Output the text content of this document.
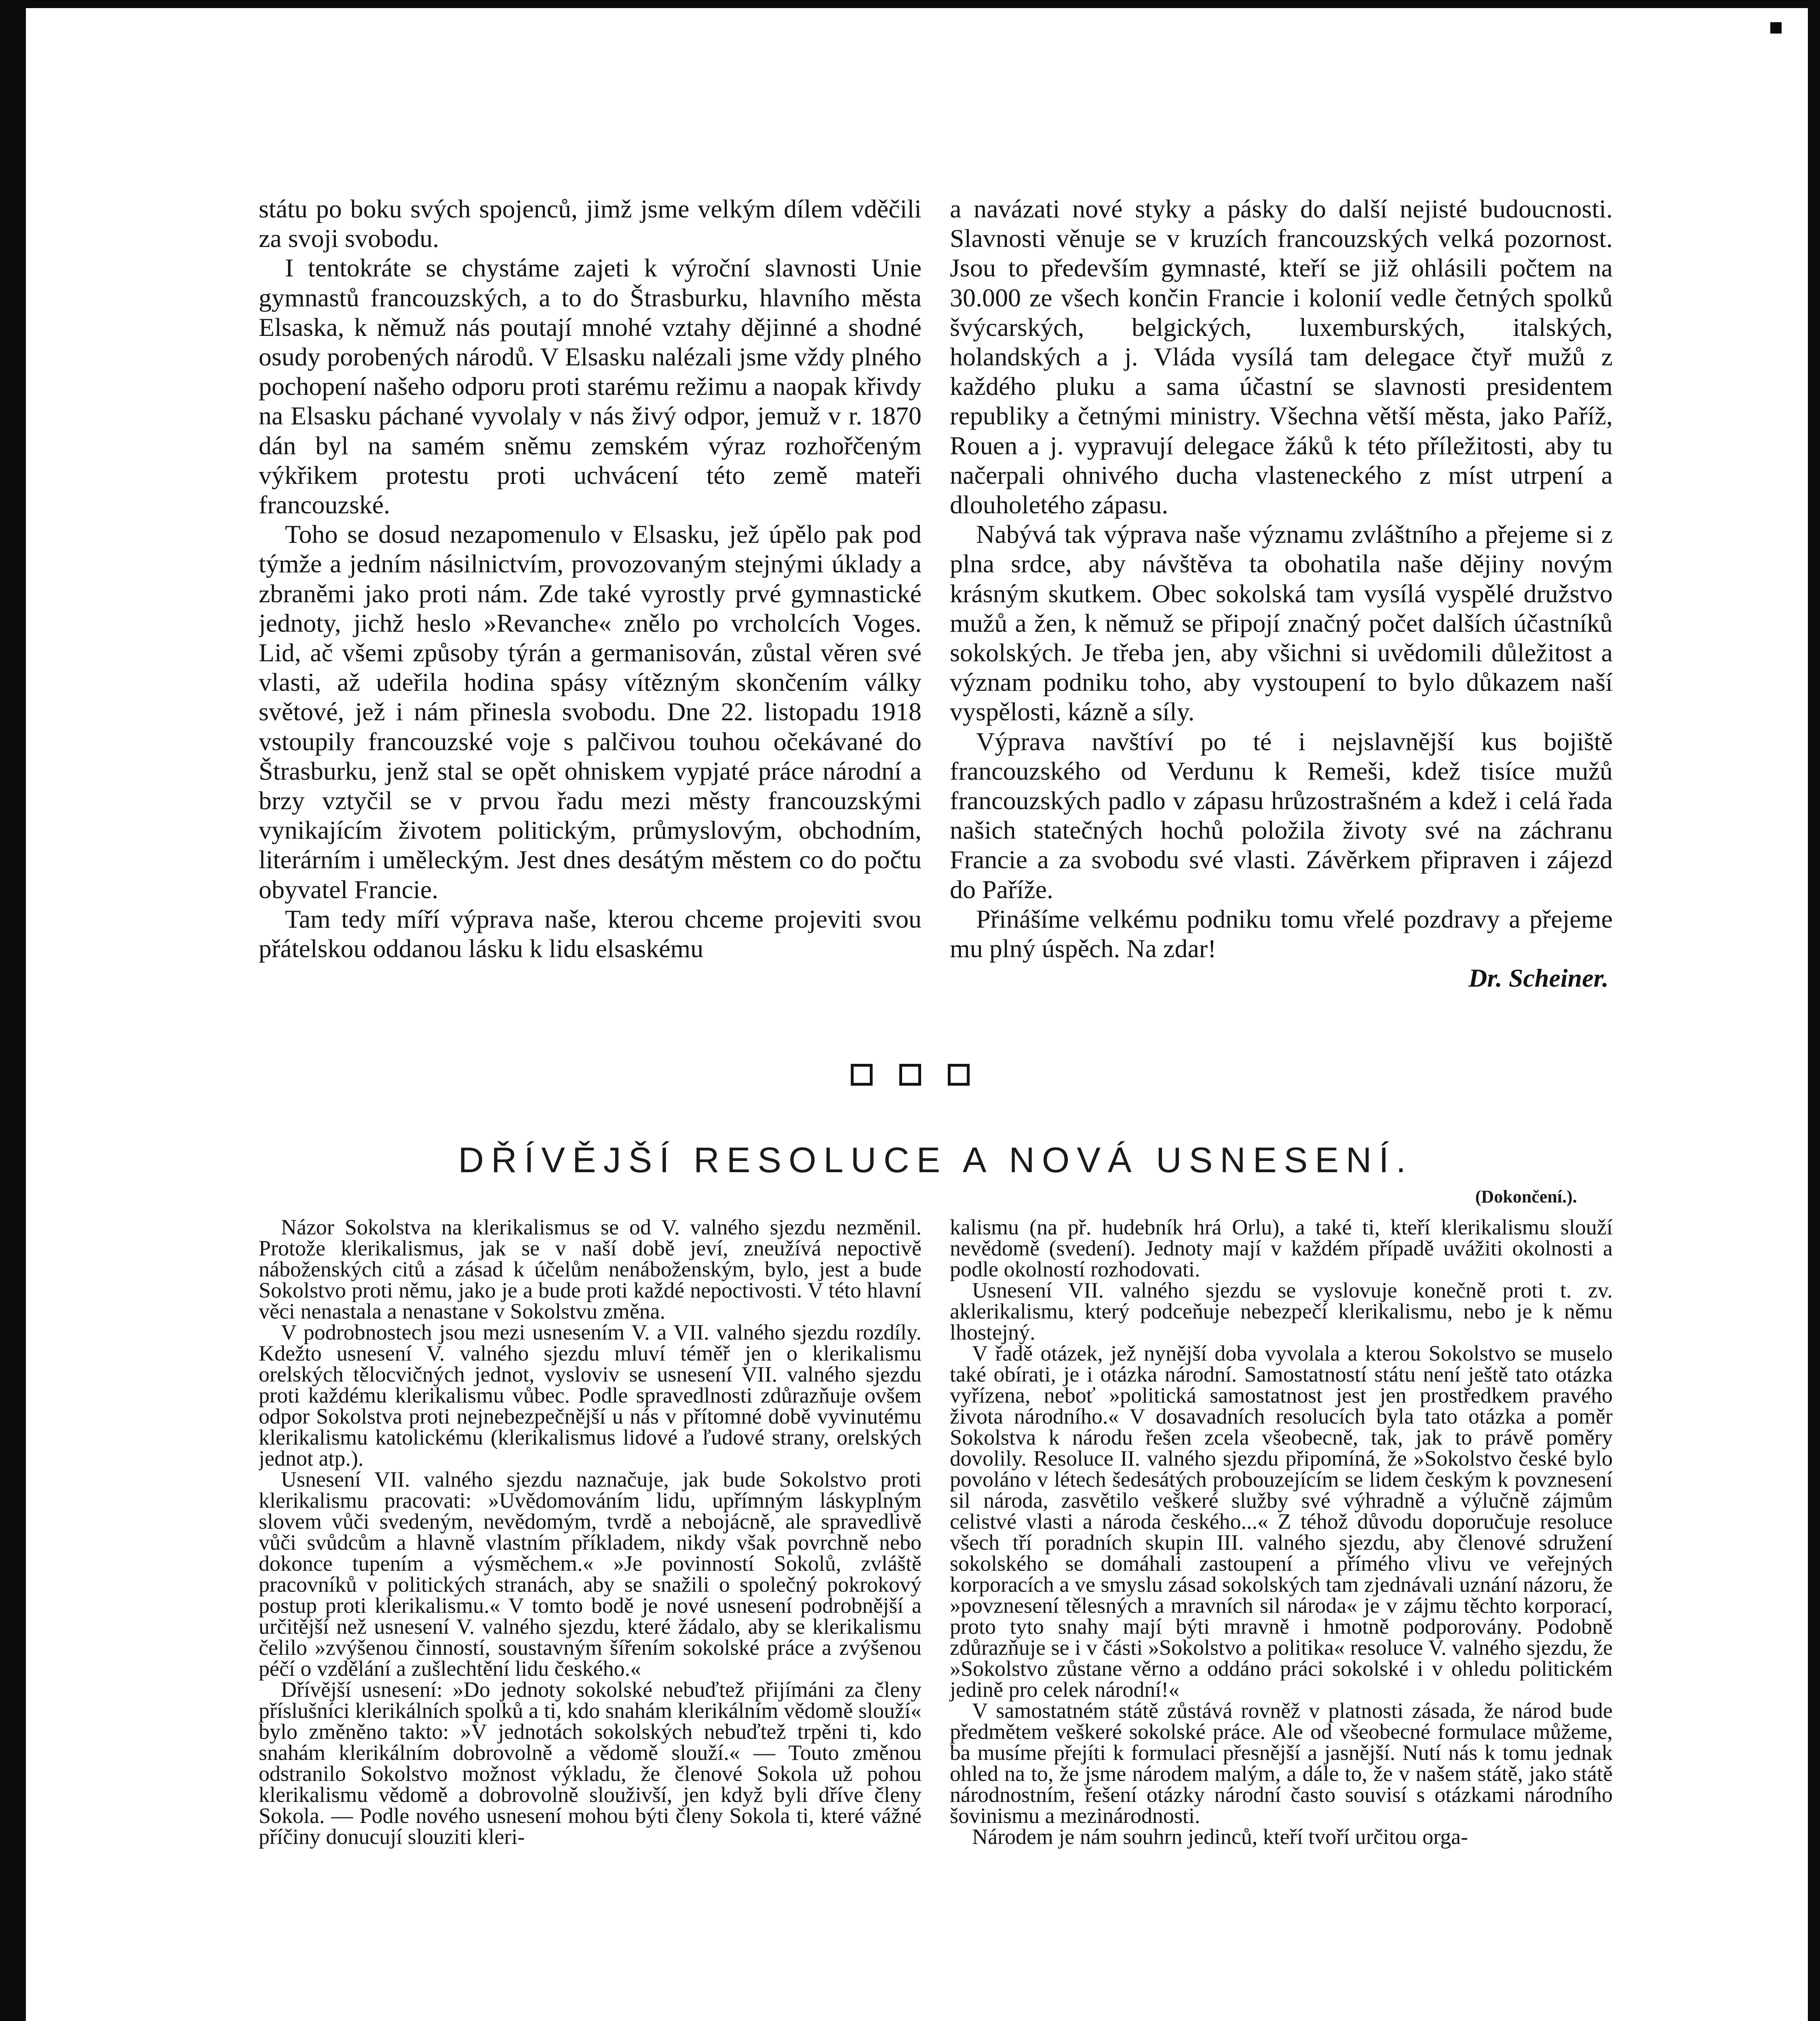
státu po boku svých spojenců, jimž jsme velkým dílem vděčili za svoji svobodu.

I tentokráte se chystáme zajeti k výroční slavnosti Unie gymnastů francouzských, a to do Štrasburku, hlavního města Elsaska, k němuž nás poutají mnohé vztahy dějinné a shodné osudy porobených národů. V Elsasku nalézali jsme vždy plného pochopení našeho odporu proti starému režimu a naopak křivdy na Elsasku páchané vyvolaly v nás živý odpor, jemuž v r. 1870 dán byl na samém sněmu zemském výraz rozhořčeným výkřikem protestu proti uchvácení této země mateři francouzské.

Toho se dosud nezapomenulo v Elsasku, jež úpělo pak pod týmže a jedním násilnictvím, provozovaným stejnými úklady a zbraněmi jako proti nám. Zde také vyrostly prvé gymnastické jednoty, jichž heslo »Revanche« znělo po vrcholcích Voges. Lid, ač všemi způsoby týrán a germanisován, zůstal věren své vlasti, až udeřila hodina spásy vítězným skončením války světové, jež i nám přinesla svobodu. Dne 22. listopadu 1918 vstoupily francouzské voje s palčivou touhou očekávané do Štrasburku, jenž stal se opět ohniskem vypjaté práce národní a brzy vztyčil se v prvou řadu mezi městy francouzskými vynikajícím životem politickým, průmyslovým, obchodním, literárním i uměleckým. Jest dnes desátým městem co do počtu obyvatel Francie.

Tam tedy míří výprava naše, kterou chceme projeviti svou přátelskou oddanou lásku k lidu elsaskému

a navázati nové styky a pásky do další nejisté budoucnosti. Slavnosti věnuje se v kruzích francouzských velká pozornost. Jsou to především gymnasté, kteří se již ohlásili počtem na 30.000 ze všech končin Francie i kolonií vedle četných spolků švýcarských, belgických, luxemburských, italských, holandských a j. Vláda vysílá tam delegace čtyř mužů z každého pluku a sama účastní se slavnosti presidentem republiky a četnými ministry. Všechna větší města, jako Paříž, Rouen a j. vypravují delegace žáků k této příležitosti, aby tu načerpali ohnivého ducha vlasteneckého z míst utrpení a dlouholetého zápasu.

Nabývá tak výprava naše významu zvláštního a přejeme si z plna srdce, aby návštěva ta obohatila naše dějiny novým krásným skutkem. Obec sokolská tam vysílá vyspělé družstvo mužů a žen, k němuž se připojí značný počet dalších účastníků sokolských. Je třeba jen, aby všichni si uvědomili důležitost a význam podniku toho, aby vystoupení to bylo důkazem naší vyspělosti, kázně a síly.

Výprava navštíví po té i nejslavnější kus bojiště francouzského od Verdunu k Remeši, kdež tisíce mužů francouzských padlo v zápasu hrůzostrašném a kdež i celá řada našich statečných hochů položila životy své na záchranu Francie a za svobodu své vlasti. Závěrkem připraven i zájezd do Paříže.

Přinášíme velkému podniku tomu vřelé pozdravy a přejeme mu plný úspěch. Na zdar!

Dr. Scheiner.

DŘÍVĚJŠÍ RESOLUCE A NOVÁ USNESENÍ.
(Dokončení.).

Názor Sokolstva na klerikalismus se od V. valného sjezdu nezměnil. Protože klerikalismus, jak se v naší době jeví, zneužívá nepoctivě náboženských citů a zásad k účelům nenáboženským, bylo, jest a bude Sokolstvo proti němu, jako je a bude proti každé nepoctivosti. V této hlavní věci nenastala a nenastane v Sokolstvu změna.

V podrobnostech jsou mezi usnesením V. a VII. valného sjezdu rozdíly. Kdežto usnesení V. valného sjezdu mluví téměř jen o klerikalismu orelských tělocvičných jednot, vysloviv se usnesení VII. valného sjezdu proti každému klerikalismu vůbec. Podle spravedlnosti zdůrazňuje ovšem odpor Sokolstva proti nejnebezpečnější u nás v přítomné době vyvinutému klerikalismu katolickému (klerikalismus lidové a ľudové strany, orelských jednot atp.).

Usnesení VII. valného sjezdu naznačuje, jak bude Sokolstvo proti klerikalismu pracovati: »Uvědomováním lidu, upřímným láskyplným slovem vůči svedeným, nevědomým, tvrdě a nebojácně, ale spravedlivě vůči svůdcům a hlavně vlastním příkladem, nikdy však povrchně nebo dokonce tupením a výsměchem.« »Je povinností Sokolů, zvláště pracovníků v politických stranách, aby se snažili o společný pokrokový postup proti klerikalismu.« V tomto bodě je nové usnesení podrobnější a určitější než usnesení V. valného sjezdu, které žádalo, aby se klerikalismu čelilo »zvýšenou činností, soustavným šířením sokolské práce a zvýšenou péčí o vzdělání a zušlechtění lidu českého.«

Dřívější usnesení: »Do jednoty sokolské nebuďtež přijímáni za členy příslušníci klerikálních spolků a ti, kdo snahám klerikálním vědomě slouží« bylo změněno takto: »V jednotách sokolských nebuďtež trpěni ti, kdo snahám klerikálním dobrovolně a vědomě slouží.« — Touto změnou odstranilo Sokolstvo možnost výkladu, že členové Sokola už pohou klerikalismu vědomě a dobrovolně slouživší, jen když byli dříve členy Sokola. — Podle nového usnesení mohou býti členy Sokola ti, které vážné příčiny donucují slouziti kleri-

kalismu (na př. hudebník hrá Orlu), a také ti, kteří klerikalismu slouží nevědomě (svedení). Jednoty mají v každém případě uvážiti okolnosti a podle okolností rozhodovati.

Usnesení VII. valného sjezdu se vyslovuje konečně proti t. zv. aklerikalismu, který podceňuje nebezpečí klerikalismu, nebo je k němu lhostejný.

V řadě otázek, jež nynější doba vyvolala a kterou Sokolstvo se muselo také obírati, je i otázka národní. Samostatností státu není ještě tato otázka vyřízena, neboť »politická samostatnost jest jen prostředkem pravého života národního.« V dosavadních resolucích byla tato otázka a poměr Sokolstva k národu řešen zcela všeobecně, tak, jak to právě poměry dovolily. Resoluce II. valného sjezdu připomíná, že »Sokolstvo české bylo povoláno v létech šedesátých probouzejícím se lidem českým k povznesení sil národa, zasvětilo veškeré služby své výhradně a výlučně zájmům celistvé vlasti a národa českého...« Z téhož důvodu doporučuje resoluce všech tří poradních skupin III. valného sjezdu, aby členové sdružení sokolského se domáhali zastoupení a přímého vlivu ve veřejných korporacích a ve smyslu zásad sokolských tam zjednávali uznání názoru, že »povznesení tělesných a mravních sil národa« je v zájmu těchto korporací, proto tyto snahy mají býti mravně i hmotně podporovány. Podobně zdůrazňuje se i v části »Sokolstvo a politika« resoluce V. valného sjezdu, že »Sokolstvo zůstane věrno a oddáno práci sokolské i v ohledu politickém jedině pro celek národní!«

V samostatném státě zůstává rovněž v platnosti zásada, že národ bude předmětem veškeré sokolské práce. Ale od všeobecné formulace můžeme, ba musíme přejíti k formulaci přesnější a jasnější. Nutí nás k tomu jednak ohled na to, že jsme národem malým, a dále to, že v našem státě, jako státě národnostním, řešení otázky národní často souvisí s otázkami národního šovinismu a mezinárodnosti.

Národem je nám souhrn jedinců, kteří tvoří určitou orga-
